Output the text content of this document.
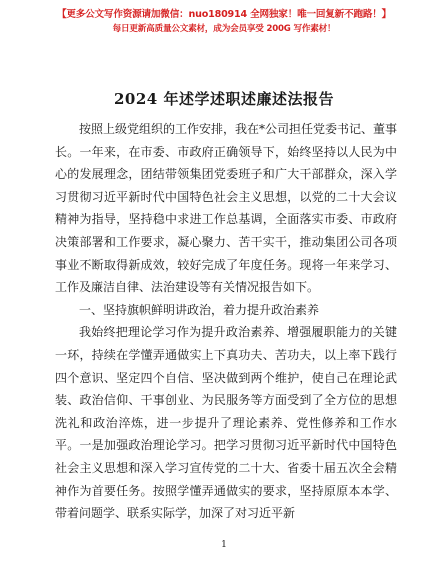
【更多公文写作资源请加微信：nuo180914 全网独家！唯一回复新不跑路！】
每日更新高质量公文素材，成为会员享受 200G 写作素材！
2024 年述学述职述廉述法报告

按照上级党组织的工作安排，我在*公司担任党委书记、董事长。一年来，在市委、市政府正确领导下，始终坚持以人民为中心的发展理念，团结带领集团党委班子和广大干部群众，深入学习贯彻习近平新时代中国特色社会主义思想，以党的二十大会议精神为指导，坚持稳中求进工作总基调，全面落实市委、市政府决策部署和工作要求，凝心聚力、苦干实干，推动集团公司各项事业不断取得新成效，较好完成了年度任务。现将一年来学习、工作及廉洁自律、法治建设等有关情况报告如下。

一、坚持旗帜鲜明讲政治，着力提升政治素养

我始终把理论学习作为提升政治素养、增强履职能力的关键一环，持续在学懂弄通做实上下真功夫、苦功夫，以上率下践行四个意识、坚定四个自信、坚决做到两个维护，使自己在理论武装、政治信仰、干事创业、为民服务等方面受到了全方位的思想洗礼和政治淬炼，进一步提升了理论素养、党性修养和工作水平。一是加强政治理论学习。把学习贯彻习近平新时代中国特色社会主义思想和深入学习宣传党的二十大、省委十届五次全会精神作为首要任务。按照学懂弄通做实的要求，坚持原原本本学、带着问题学、联系实际学，加深了对习近平新

1
